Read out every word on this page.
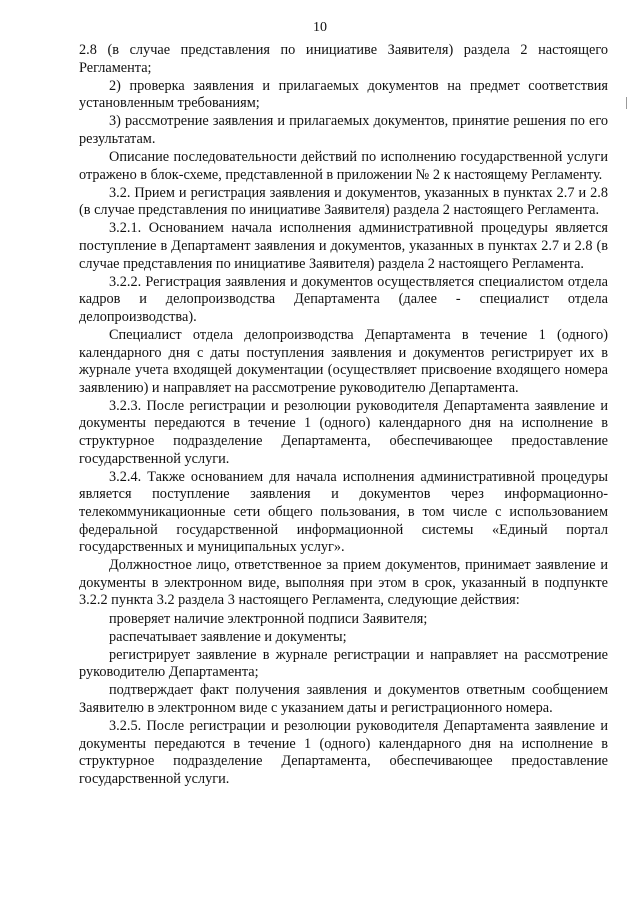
10

2.8 (в случае представления по инициативе Заявителя) раздела 2 настоящего Регламента;

2) проверка заявления и прилагаемых документов на предмет соответствия установленным требованиям;

3) рассмотрение заявления и прилагаемых документов, принятие решения по его результатам.

Описание последовательности действий по исполнению государственной услуги отражено в блок-схеме, представленной в приложении № 2 к настоящему Регламенту.

3.2. Прием и регистрация заявления и документов, указанных в пунктах 2.7 и 2.8 (в случае представления по инициативе Заявителя) раздела 2 настоящего Регламента.

3.2.1. Основанием начала исполнения административной процедуры является поступление в Департамент заявления и документов, указанных в пунктах 2.7 и 2.8 (в случае представления по инициативе Заявителя) раздела 2 настоящего Регламента.

3.2.2. Регистрация заявления и документов осуществляется специалистом отдела кадров и делопроизводства Департамента (далее - специалист отдела делопроизводства).

Специалист отдела делопроизводства Департамента в течение 1 (одного) календарного дня с даты поступления заявления и документов регистрирует их в журнале учета входящей документации (осуществляет присвоение входящего номера заявлению) и направляет на рассмотрение руководителю Департамента.

3.2.3. После регистрации и резолюции руководителя Департамента заявление и документы передаются в течение 1 (одного) календарного дня на исполнение в структурное подразделение Департамента, обеспечивающее предоставление государственной услуги.

3.2.4. Также основанием для начала исполнения административной процедуры является поступление заявления и документов через информационно-телекоммуникационные сети общего пользования, в том числе с использованием федеральной государственной информационной системы «Единый портал государственных и муниципальных услуг».

Должностное лицо, ответственное за прием документов, принимает заявление и документы в электронном виде, выполняя при этом в срок, указанный в подпункте 3.2.2 пункта 3.2 раздела 3 настоящего Регламента, следующие действия:

проверяет наличие электронной подписи Заявителя;

распечатывает заявление и документы;

регистрирует заявление в журнале регистрации и направляет на рассмотрение руководителю Департамента;

подтверждает факт получения заявления и документов ответным сообщением Заявителю в электронном виде с указанием даты и регистрационного номера.

3.2.5. После регистрации и резолюции руководителя Департамента заявление и документы передаются в течение 1 (одного) календарного дня на исполнение в структурное подразделение Департамента, обеспечивающее предоставление государственной услуги.
